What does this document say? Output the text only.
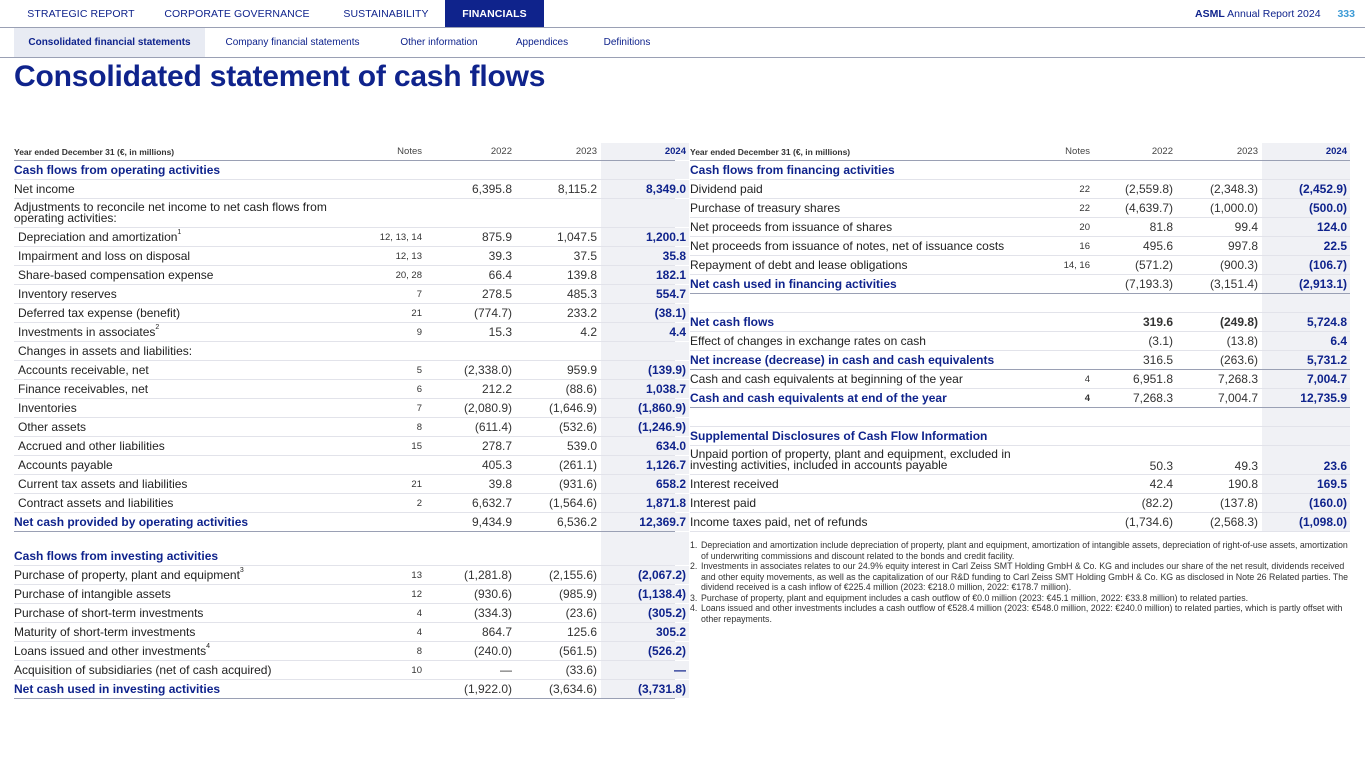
STRATEGIC REPORT	CORPORATE GOVERNANCE	SUSTAINABILITY	FINANCIALS	ASML Annual Report 2024 333
Consolidated financial statements	Company financial statements	Other information	Appendices	Definitions
Consolidated statement of cash flows
Year ended December 31 (€, in millions)	Notes	2022	2023	2024
Cash flows from operating activities
Net income	6,395.8	8,115.2	8,349.0
Adjustments to reconcile net income to net cash flows from operating activities:
Depreciation and amortization$^1$	12, 13, 14	875.9	1,047.5	1,200.1
Impairment and loss on disposal	12, 13	39.3	37.5	35.8
Share-based compensation expense	20, 28	66.4	139.8	182.1
Inventory reserves	7	278.5	485.3	554.7
Deferred tax expense (benefit)	21	(774.7)	233.2	(38.1)
Investments in associates$^2$	9	15.3	4.2	4.4
Changes in assets and liabilities:
Accounts receivable, net	5	(2,338.0)	959.9	(139.9)
Finance receivables, net	6	212.2	(88.6)	1,038.7
Inventories	7	(2,080.9)	(1,646.9)	(1,860.9)
Other assets	8	(611.4)	(532.6)	(1,246.9)
Accrued and other liabilities	15	278.7	539.0	634.0
Accounts payable	405.3	(261.1)	1,126.7
Current tax assets and liabilities	21	39.8	(931.6)	658.2
Contract assets and liabilities	2	6,632.7	(1,564.6)	1,871.8
Net cash provided by operating activities	9,434.9	6,536.2	12,369.7
Cash flows from investing activities
Purchase of property, plant and equipment$^3$	13	(1,281.8)	(2,155.6)	(2,067.2)
Purchase of intangible assets	12	(930.6)	(985.9)	(1,138.4)
Purchase of short-term investments	4	(334.3)	(23.6)	(305.2)
Maturity of short-term investments	4	864.7	125.6	305.2
Loans issued and other investments$^4$	8	(240.0)	(561.5)	(526.2)
Acquisition of subsidiaries (net of cash acquired)	10	—	(33.6)	—
Net cash used in investing activities	(1,922.0)	(3,634.6)	(3,731.8)
Year ended December 31 (€, in millions)	Notes	2022	2023	2024
Cash flows from financing activities
Dividend paid	22	(2,559.8)	(2,348.3)	(2,452.9)
Purchase of treasury shares	22	(4,639.7)	(1,000.0)	(500.0)
Net proceeds from issuance of shares	20	81.8	99.4	124.0
Net proceeds from issuance of notes, net of issuance costs	16	495.6	997.8	22.5
Repayment of debt and lease obligations	14, 16	(571.2)	(900.3)	(106.7)
Net cash used in financing activities	(7,193.3)	(3,151.4)	(2,913.1)
Net cash flows	319.6	(249.8)	5,724.8
Effect of changes in exchange rates on cash	(3.1)	(13.8)	6.4
Net increase (decrease) in cash and cash equivalents	316.5	(263.6)	5,731.2
Cash and cash equivalents at beginning of the year	4	6,951.8	7,268.3	7,004.7
Cash and cash equivalents at end of the year	4	7,268.3	7,004.7	12,735.9
Supplemental Disclosures of Cash Flow Information
Unpaid portion of property, plant and equipment, excluded in investing activities, included in accounts payable	50.3	49.3	23.6
Interest received	42.4	190.8	169.5
Interest paid	(82.2)	(137.8)	(160.0)
Income taxes paid, net of refunds	(1,734.6)	(2,568.3)	(1,098.0)
1. Depreciation and amortization include depreciation of property, plant and equipment, amortization of intangible assets, depreciation of right-of-use assets, amortization of underwriting commissions and discount related to the bonds and credit facility.
2. Investments in associates relates to our 24.9% equity interest in Carl Zeiss SMT Holding GmbH & Co. KG and includes our share of the net result, dividends received and other equity movements, as well as the capitalization of our R&D funding to Carl Zeiss SMT Holding GmbH & Co. KG as disclosed in Note 26 Related parties. The dividend received is a cash inflow of €225.4 million (2023: €218.0 million, 2022: €178.7 million).
3. Purchase of property, plant and equipment includes a cash outflow of €0.0 million (2023: €45.1 million, 2022: €33.8 million) to related parties.
4. Loans issued and other investments includes a cash outflow of €528.4 million (2023: €548.0 million, 2022: €240.0 million) to related parties, which is partly offset with other repayments.
